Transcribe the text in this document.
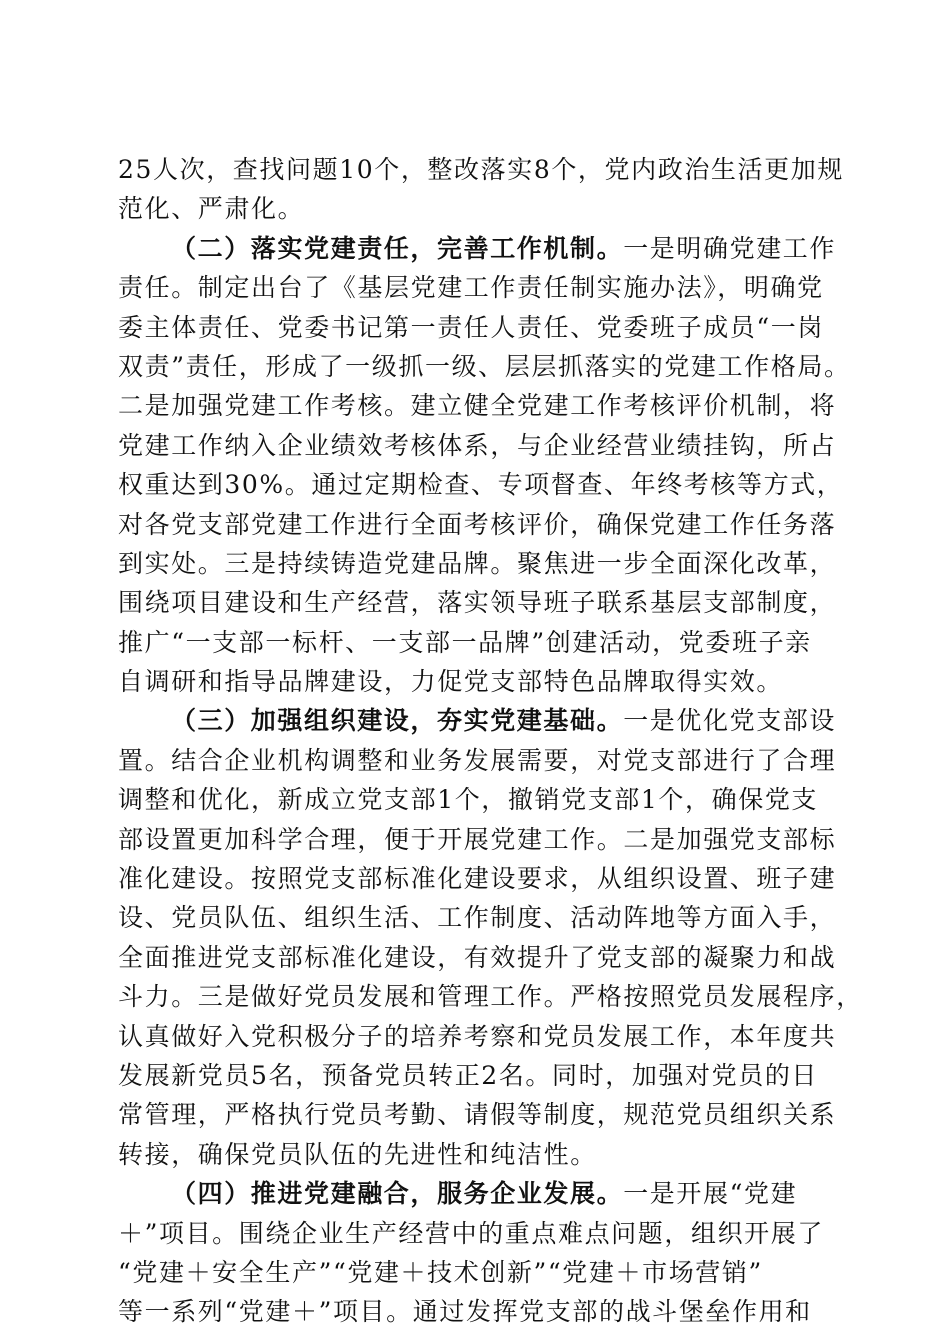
25人次，查找问题10个，整改落实8个，党内政治生活更加规
范化、严肃化。
（二）落实党建责任，完善工作机制。一是明确党建工作
责任。制定出台了《基层党建工作责任制实施办法》，明确党
委主体责任、党委书记第一责任人责任、党委班子成员“一岗
双责”责任，形成了一级抓一级、层层抓落实的党建工作格局。
二是加强党建工作考核。建立健全党建工作考核评价机制，将
党建工作纳入企业绩效考核体系，与企业经营业绩挂钩，所占
权重达到30%。通过定期检查、专项督查、年终考核等方式，
对各党支部党建工作进行全面考核评价，确保党建工作任务落
到实处。三是持续铸造党建品牌。聚焦进一步全面深化改革，
围绕项目建设和生产经营，落实领导班子联系基层支部制度，
推广“一支部一标杆、一支部一品牌”创建活动，党委班子亲
自调研和指导品牌建设，力促党支部特色品牌取得实效。
（三）加强组织建设，夯实党建基础。一是优化党支部设
置。结合企业机构调整和业务发展需要，对党支部进行了合理
调整和优化，新成立党支部1个，撤销党支部1个，确保党支
部设置更加科学合理，便于开展党建工作。二是加强党支部标
准化建设。按照党支部标准化建设要求，从组织设置、班子建
设、党员队伍、组织生活、工作制度、活动阵地等方面入手，
全面推进党支部标准化建设，有效提升了党支部的凝聚力和战
斗力。三是做好党员发展和管理工作。严格按照党员发展程序，
认真做好入党积极分子的培养考察和党员发展工作，本年度共
发展新党员5名，预备党员转正2名。同时，加强对党员的日
常管理，严格执行党员考勤、请假等制度，规范党员组织关系
转接，确保党员队伍的先进性和纯洁性。
（四）推进党建融合，服务企业发展。一是开展“党建
＋”项目。围绕企业生产经营中的重点难点问题，组织开展了
“党建＋安全生产”“党建＋技术创新”“党建＋市场营销”
等一系列“党建＋”项目。通过发挥党支部的战斗堡垒作用和
